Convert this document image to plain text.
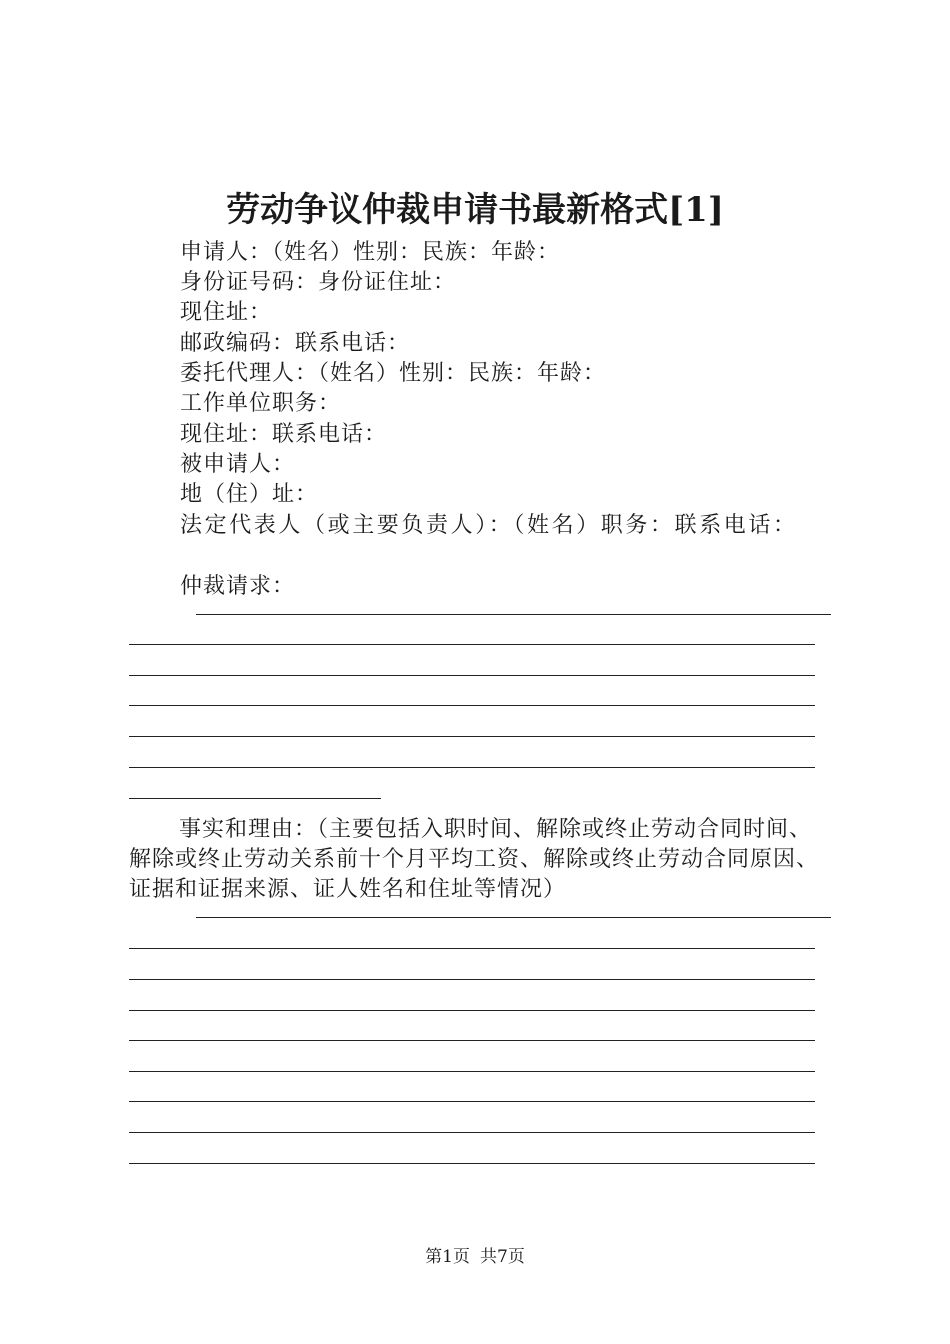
劳动争议仲裁申请书最新格式[1]
申请人：（姓名）性别：民族：年龄：
身份证号码：身份证住址：
现住址：
邮政编码：联系电话：
委托代理人：（姓名）性别：民族：年龄：
工作单位职务：
现住址：联系电话：
被申请人：
地（住）址：
法定代表人（或主要负责人）：（姓名）职务：联系电话：
仲裁请求：
事实和理由：（主要包括入职时间、解除或终止劳动合同时间、解除或终止劳动关系前十个月平均工资、解除或终止劳动合同原因、证据和证据来源、证人姓名和住址等情况）
第1页 共7页
